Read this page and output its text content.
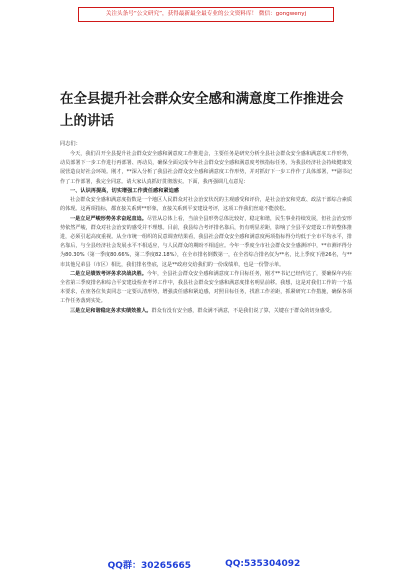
关注头条号“公文研究”，获得最新最全最专业的公文资料库！ 微信：gongwenyj
在全县提升社会群众安全感和满意度工作推进会上的讲话
同志们：

今天，我们召开全县提升社会群众安全感和满意度工作推进会，主要任务是研究分析全县社会群众安全感和满意度工作形势，动员部署下一步工作进行再部署、再动员，确保全面完成今年社会群众安全感和满意度考核指标任务，为我县经济社会持续健康发展营造良好社会环境。刚才，**深入分析了我县社会群众安全感和满意度工作形势，并对抓好下一步工作作了具体部署，**副书记作了工作部署，我完全同意。请大家认真抓好贯彻落实。下面，我再强调几点意见：

一、认识再提高，切实增强工作责任感和紧迫感

社会群众安全感和满意度指数是一个地区人民群众对社会治安状况的主观感受和评价，是社会治安和党政、政法干部综合素质的体现。这两项指标，都直接关系到**形象，直接关系到平安建设考评，这项工作我们丝毫不能放松。

一是立足严峻形势务求奋起直追。尽管从总体上看，当前全县形势总体比较好，稳定和谐，民生事业持续发展，但社会治安形势依然严峻，群众对社会治安的感受并不理想。目前，我县综合考评排名靠后，仍有明显差距，影响了全县平安建设工作的整体推进，必须引起高度重视。从全市统一组织的民意调查结果看，我县社会群众安全感和满意度两项指标得分均低于全市平均水平，排名靠后，与全县经济社会发展水平不相适应，与人民群众的期盼不相适应。今年一季度全市社会群众安全感测评中，**市测评得分为80.30%（第一季度80.66%，第二季度82.18%），在全市排名倒数第一，在全省综合排名仅为**名，比上季度下滑26名，与**市其他兄弟县（市区）相比，我们排名垫底，这是**政府交给我们的一份成绩单，也是一份警示单。

二是立足绩效考评务求决战决胜。今年，全县社会群众安全感和满意度工作目标任务，刚才**书记已经传达了，要确保年内在全省第三季度排名和综合平安建设检查考评工作中，我县社会群众安全感和满意度排名明显前移。我想，这是对我们工作的一个基本要求，在座各位负责同志一定要认清形势，增强责任感和紧迫感，对照目标任务，找准工作差距，抓紧研究工作措施，确保各项工作任务落到实处。

三是立足和谐稳定务求实绩效推人。群众有没有安全感，群众满不满意，不是我们说了算，关键在于群众的切身感受。

QQ群：30265665	QQ:535304092
